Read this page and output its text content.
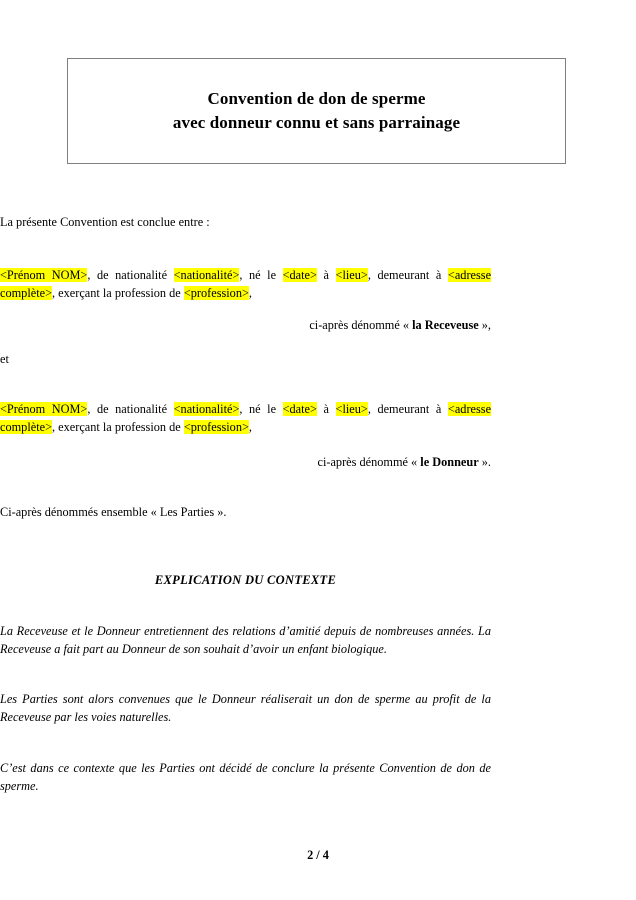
Convention de don de sperme
avec donneur connu et sans parrainage
La présente Convention est conclue entre :
<Prénom NOM>, de nationalité <nationalité>, né le <date> à <lieu>, demeurant à <adresse complète>, exerçant la profession de <profession>,
ci-après dénommé « la Receveuse »,
et
<Prénom NOM>, de nationalité <nationalité>, né le <date> à <lieu>, demeurant à <adresse complète>, exerçant la profession de <profession>,
ci-après dénommé « le Donneur ».
Ci-après dénommés ensemble « Les Parties ».
EXPLICATION DU CONTEXTE
La Receveuse et le Donneur entretiennent des relations d’amitié depuis de nombreuses années. La Receveuse a fait part au Donneur de son souhait d’avoir un enfant biologique.
Les Parties sont alors convenues que le Donneur réaliserait un don de sperme au profit de la Receveuse par les voies naturelles.
C’est dans ce contexte que les Parties ont décidé de conclure la présente Convention de don de sperme.
2 / 4
